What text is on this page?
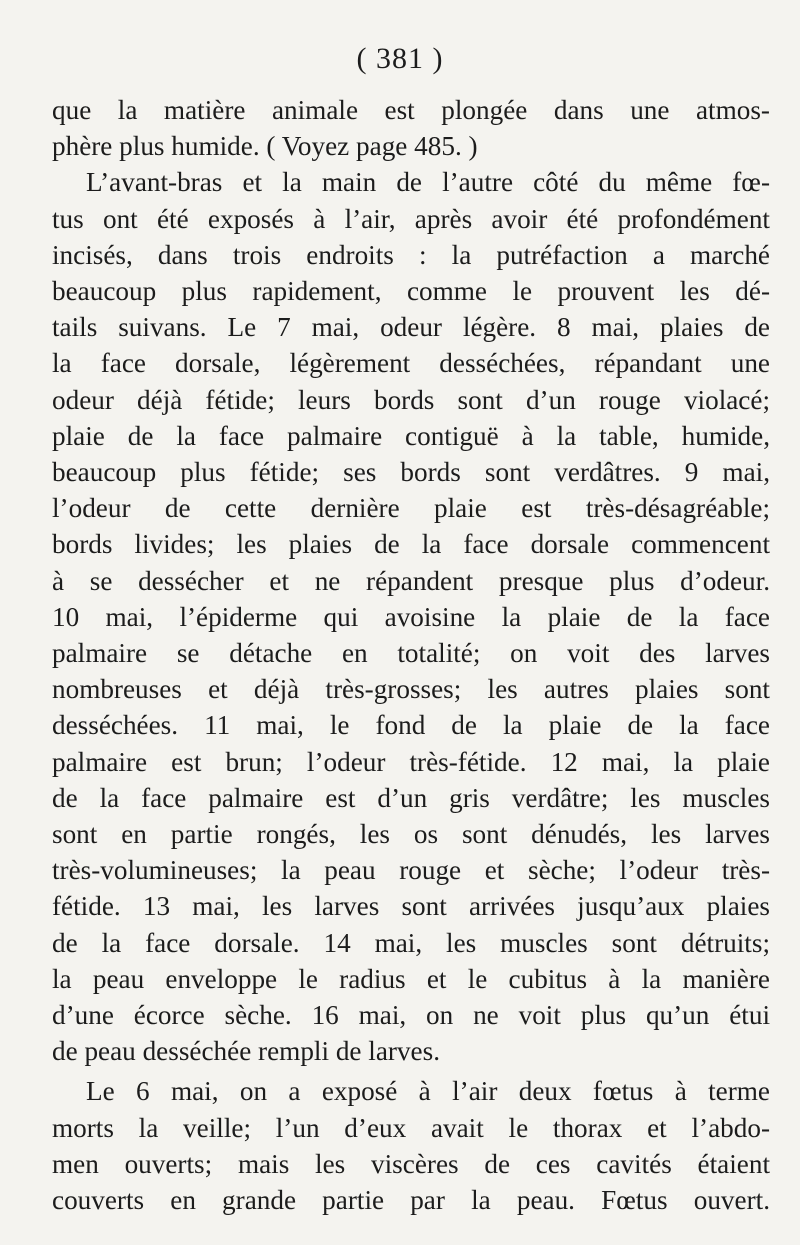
( 381 )
que la matière animale est plongée dans une atmos-
phère plus humide. ( Voyez page 485. )
L’avant-bras et la main de l’autre côté du même fœ-
tus ont été exposés à l’air, après avoir été profondément
incisés, dans trois endroits : la putréfaction a marché
beaucoup plus rapidement, comme le prouvent les dé-
tails suivans. Le 7 mai, odeur légère. 8 mai, plaies de
la face dorsale, légèrement desséchées, répandant une
odeur déjà fétide; leurs bords sont d’un rouge violacé;
plaie de la face palmaire contiguë à la table, humide,
beaucoup plus fétide; ses bords sont verdâtres. 9 mai,
l’odeur de cette dernière plaie est très-désagréable;
bords livides; les plaies de la face dorsale commencent
à se dessécher et ne répandent presque plus d’odeur.
10 mai, l’épiderme qui avoisine la plaie de la face
palmaire se détache en totalité; on voit des larves
nombreuses et déjà très-grosses; les autres plaies sont
desséchées. 11 mai, le fond de la plaie de la face
palmaire est brun; l’odeur très-fétide. 12 mai, la plaie
de la face palmaire est d’un gris verdâtre; les muscles
sont en partie rongés, les os sont dénudés, les larves
très-volumineuses; la peau rouge et sèche; l’odeur très-
fétide. 13 mai, les larves sont arrivées jusqu’aux plaies
de la face dorsale. 14 mai, les muscles sont détruits;
la peau enveloppe le radius et le cubitus à la manière
d’une écorce sèche. 16 mai, on ne voit plus qu’un étui
de peau desséchée rempli de larves.
Le 6 mai, on a exposé à l’air deux fœtus à terme
morts la veille; l’un d’eux avait le thorax et l’abdo-
men ouverts; mais les viscères de ces cavités étaient
couverts en grande partie par la peau. Fœtus ouvert.
